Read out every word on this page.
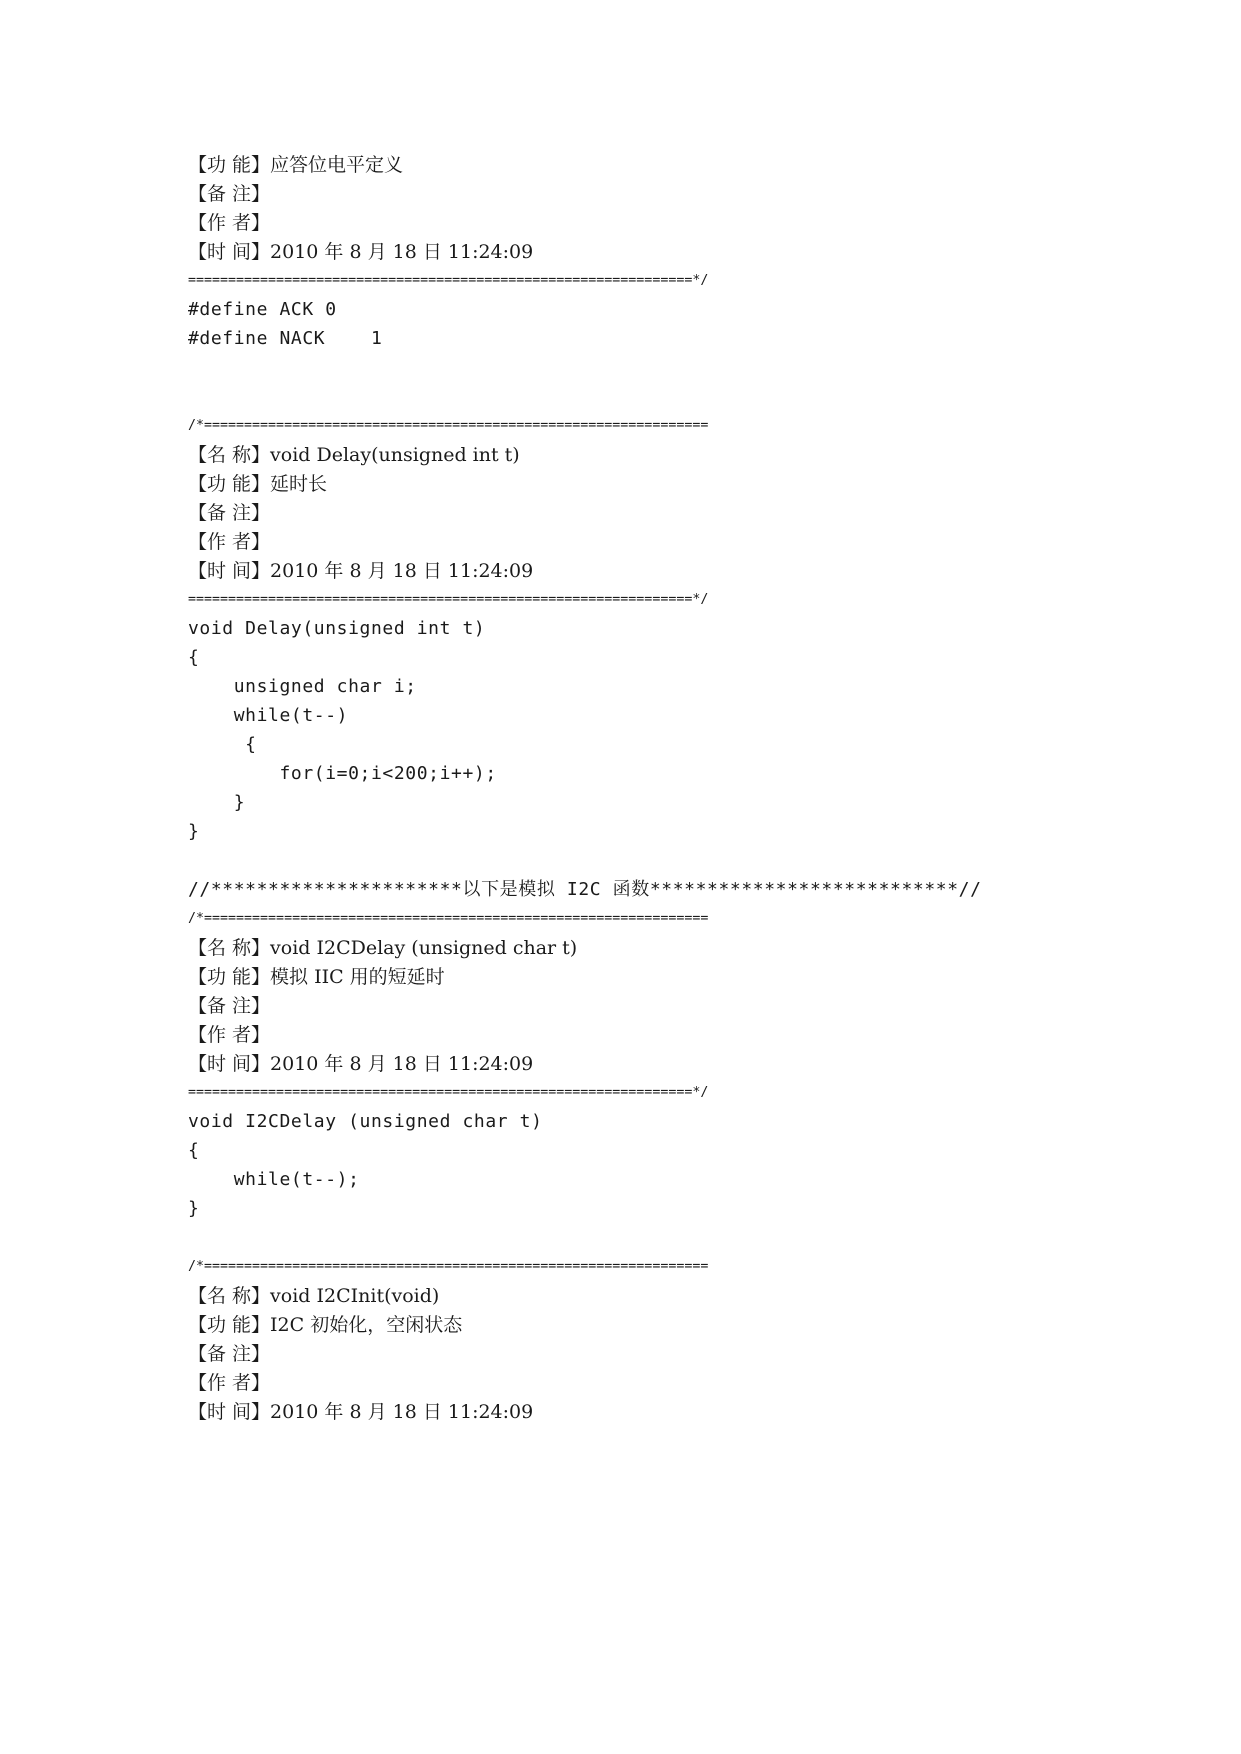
【功 能】应答位电平定义
【备 注】
【作 者】
【时 间】2010 年 8 月 18 日 11:24:09
===============================================================*/
#define ACK 0
#define NACK    1
/*===============================================================
【名 称】void Delay(unsigned int t)
【功 能】延时长
【备 注】
【作 者】
【时 间】2010 年 8 月 18 日 11:24:09
===============================================================*/
void Delay(unsigned int t)
{
unsigned char i;
while(t--)
{
for(i=0;i<200;i++);
}
}
//**********************以下是模拟 I2C 函数***************************//
/*===============================================================
【名 称】void I2CDelay (unsigned char t)
【功 能】模拟 IIC 用的短延时
【备 注】
【作 者】
【时 间】2010 年 8 月 18 日 11:24:09
===============================================================*/
void I2CDelay (unsigned char t)
{
while(t--);
}
/*===============================================================
【名 称】void I2CInit(void)
【功 能】I2C 初始化，空闲状态
【备 注】
【作 者】
【时 间】2010 年 8 月 18 日 11:24:09
